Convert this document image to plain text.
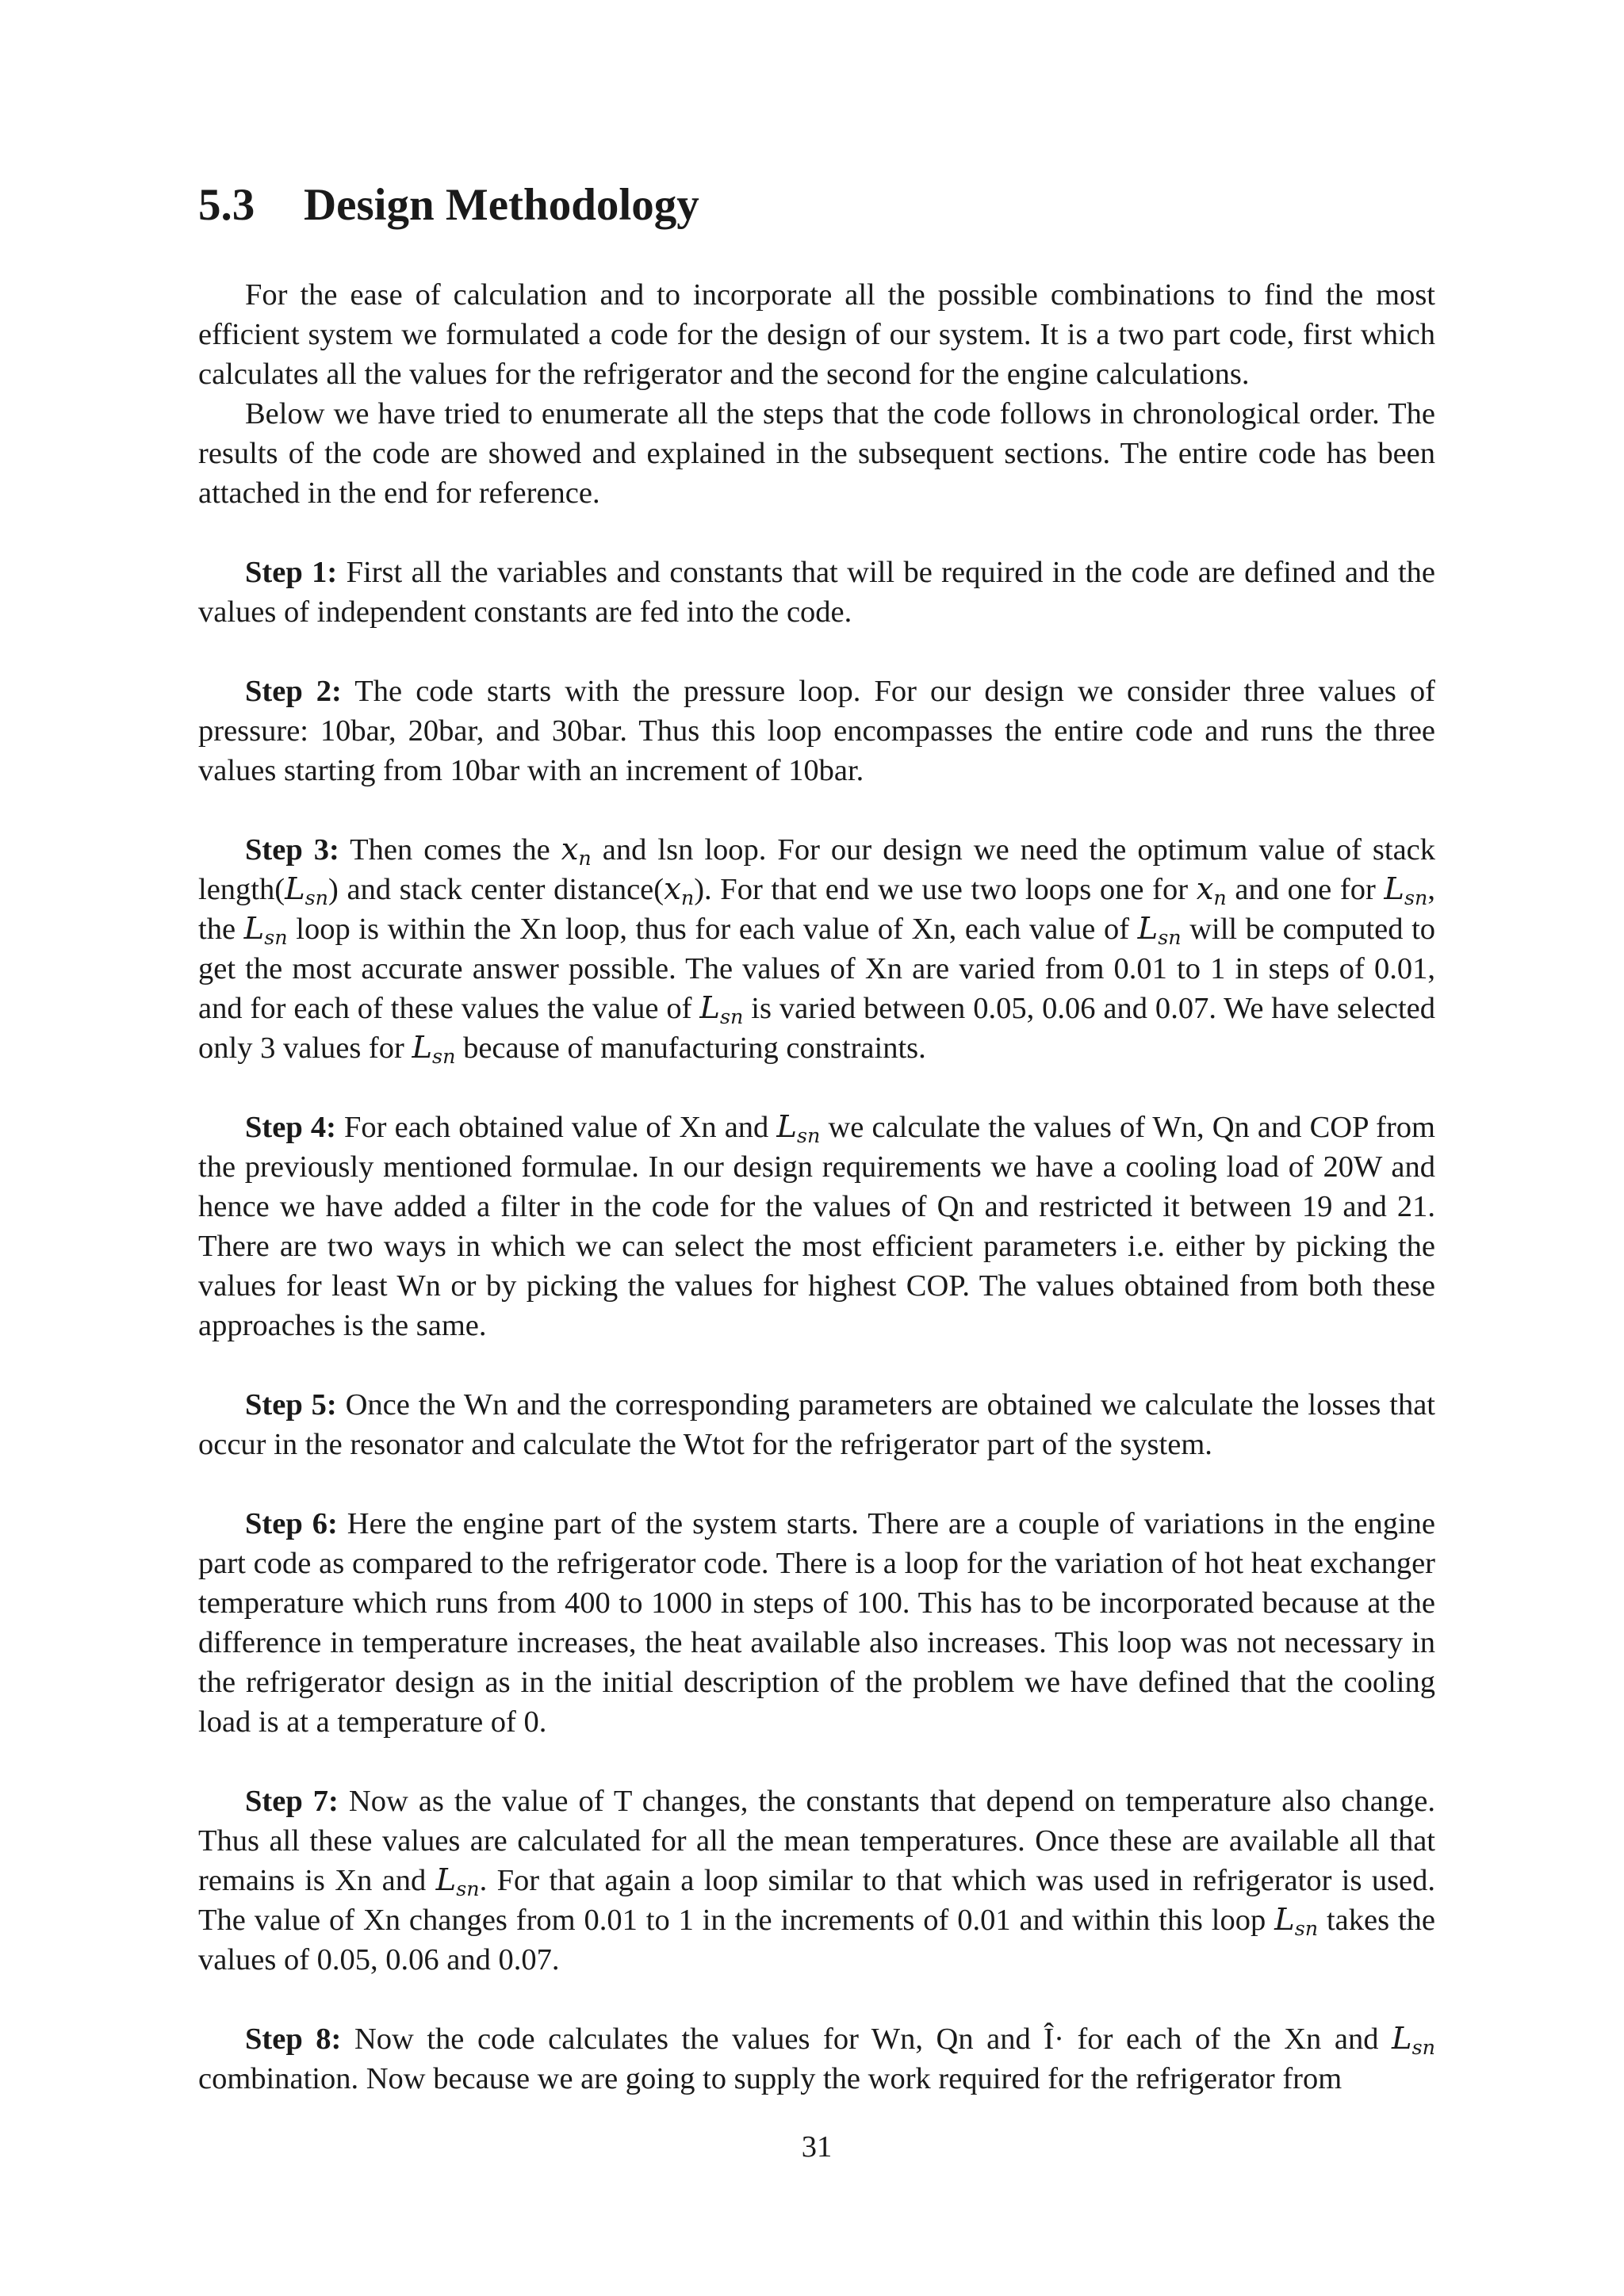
5.3 Design Methodology

For the ease of calculation and to incorporate all the possible combinations to find the most efficient system we formulated a code for the design of our system. It is a two part code, first which calculates all the values for the refrigerator and the second for the engine calculations.

Below we have tried to enumerate all the steps that the code follows in chronological order. The results of the code are showed and explained in the subsequent sections. The entire code has been attached in the end for reference.

Step 1: First all the variables and constants that will be required in the code are defined and the values of independent constants are fed into the code.

Step 2: The code starts with the pressure loop. For our design we consider three values of pressure: 10bar, 20bar, and 30bar. Thus this loop encompasses the entire code and runs the three values starting from 10bar with an increment of 10bar.

Step 3: Then comes the $x_n$ and lsn loop. For our design we need the optimum value of stack $length(L_{sn})$ and stack center $distance(x_n)$. For that end we use two loops one for $x_n$ and one for $L_{sn}$, the $L_{sn}$ loop is within the Xn loop, thus for each value of Xn, each value of $L_{sn}$ will be computed to get the most accurate answer possible. The values of Xn are varied from 0.01 to 1 in steps of 0.01, and for each of these values the value of $L_{sn}$ is varied between 0.05, 0.06 and 0.07. We have selected only 3 values for $L_{sn}$ because of manufacturing constraints.

Step 4: For each obtained value of Xn and $L_{sn}$ we calculate the values of Wn, Qn and COP from the previously mentioned formulae. In our design requirements we have a cooling load of 20W and hence we have added a filter in the code for the values of Qn and restricted it between 19 and 21. There are two ways in which we can select the most efficient parameters i.e. either by picking the values for least Wn or by picking the values for highest COP. The values obtained from both these approaches is the same.

Step 5: Once the Wn and the corresponding parameters are obtained we calculate the losses that occur in the resonator and calculate the Wtot for the refrigerator part of the system.

Step 6: Here the engine part of the system starts. There are a couple of variations in the engine part code as compared to the refrigerator code. There is a loop for the variation of hot heat exchanger temperature which runs from 400 to 1000 in steps of 100. This has to be incorporated because at the difference in temperature increases, the heat available also increases. This loop was not necessary in the refrigerator design as in the initial description of the problem we have defined that the cooling load is at a temperature of 0.

Step 7: Now as the value of T changes, the constants that depend on temperature also change. Thus all these values are calculated for all the mean temperatures. Once these are available all that remains is Xn and $L_{sn}$. For that again a loop similar to that which was used in refrigerator is used. The value of Xn changes from 0.01 to 1 in the increments of 0.01 and within this loop $L_{sn}$ takes the values of 0.05, 0.06 and 0.07.

Step 8: Now the code calculates the values for Wn, Qn and Î· for each of the Xn and $L_{sn}$ combination. Now because we are going to supply the work required for the refrigerator from

31
